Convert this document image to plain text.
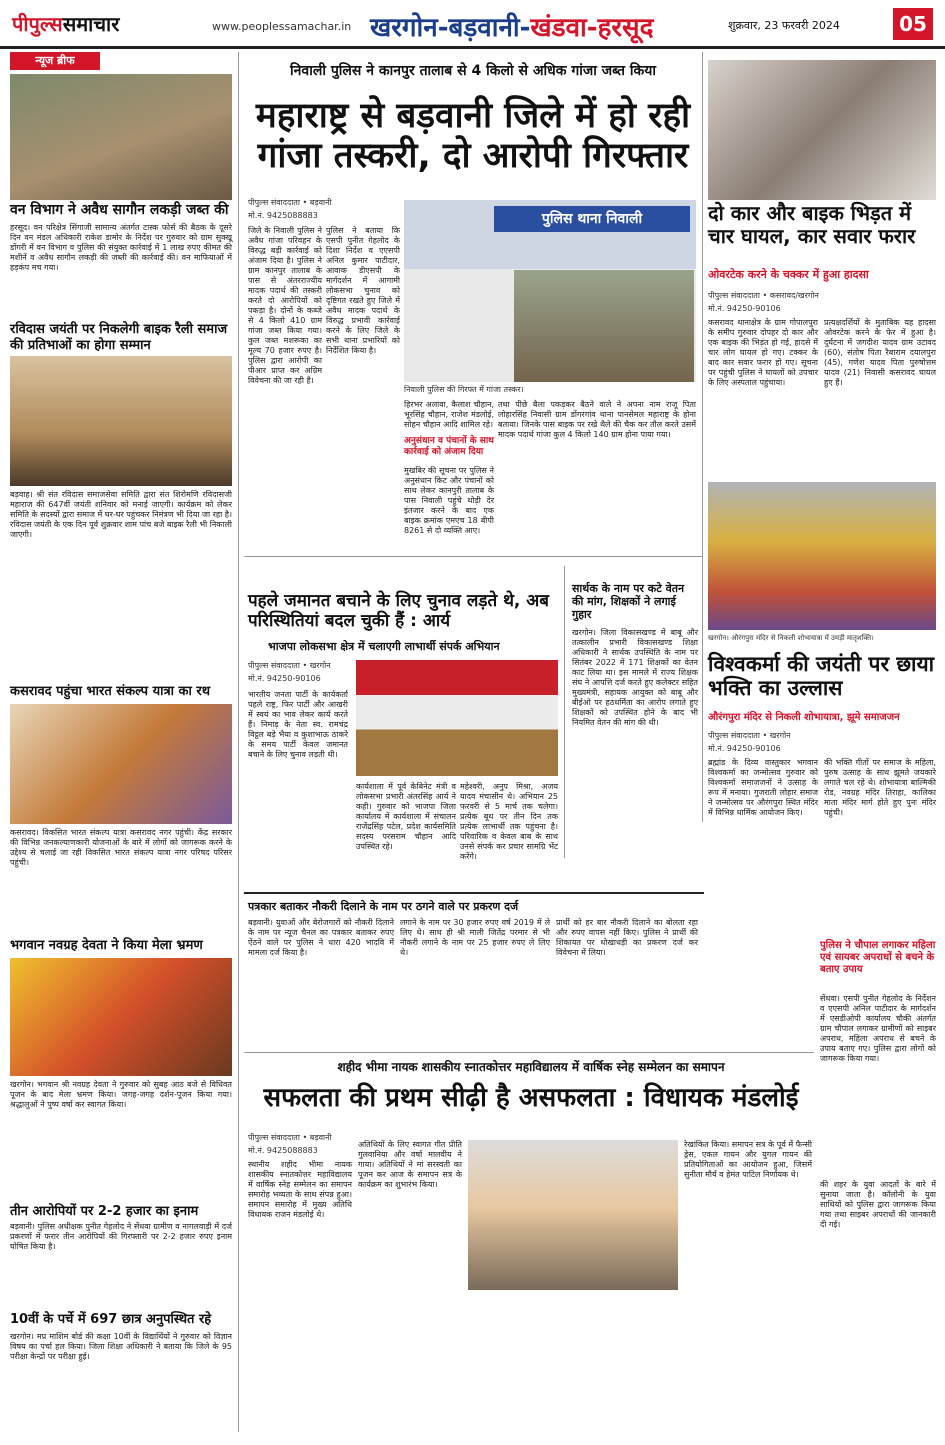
पीपुल्ससमाचार	www.peoplessamachar.in खरगोन-बड़वानी-खंडवा-हरसूद	शुक्रवार, 23 फरवरी 2024	05
न्यूज ब्रीफ
वन विभाग ने अवैध सागौन लकड़ी जब्त की
हरसूद। वन परिक्षेत्र सिंगाजी सामान्य अंतर्गत टास्क फोर्स की बैठक के दूसरे दिन वन मंडल अधिकारी राकेश डामोर के निर्देश पर गुरुवार को ग्राम सुक्खू डोंगरी में वन विभाग व पुलिस की संयुक्त कार्रवाई में 1 लाख रुपए कीमत की मशीनें व अवैध सागौन लकड़ी की जब्ती की कार्रवाई की। वन माफियाओं में हड़कंप मच गया।
रविदास जयंती पर निकलेगी बाइक रैली समाज की प्रतिभाओं का होगा सम्मान
बड़वाह। श्री संत रविदास समाजसेवा समिति द्वारा संत शिरोमणि रविदासजी महाराज की 647वीं जयंती शनिवार को मनाई जाएगी। कार्यक्रम को लेकर समिति के सदस्यों द्वारा समाज में घर-घर पहुंचकर निमंत्रण भी दिया जा रहा है। रविदास जयंती के एक दिन पूर्व शुक्रवार शाम पांच बजे बाइक रैली भी निकाली जाएगी।
कसरावद पहुंचा भारत संकल्प यात्रा का रथ
कसरावद। विकसित भारत संकल्प यात्रा कसरावद नगर पहुंची। केंद्र सरकार की विभिन्न जनकल्याणकारी योजनाओं के बारे में लोगों को जागरूक करने के उद्देश्य से चलाई जा रही विकसित भारत संकल्प यात्रा नगर परिषद परिसर पहुंची।
भगवान नवग्रह देवता ने किया मेला भ्रमण
खरगोन। भगवान श्री नवग्रह देवता ने गुरुवार को सुबह आठ बजे से विधिवत पूजन के बाद मेला भ्रमण किया। जगह-जगह दर्शन-पूजन किया गया। श्रद्धालुओं ने पुष्प वर्षा कर स्वागत किया।
तीन आरोपियों पर 2-2 हजार का इनाम
बड़वानी। पुलिस अधीक्षक पुनीत गेहलोद ने सेंधवा ग्रामीण व नागलवाड़ी में दर्ज प्रकरणों में फरार तीन आरोपियों की गिरफ्तारी पर 2-2 हजार रुपए इनाम घोषित किया है।
10वीं के पर्चे में 697 छात्र अनुपस्थित रहे
खरगोन। मप्र माशिम बोर्ड की कक्षा 10वीं के विद्यार्थियों ने गुरुवार को विज्ञान विषय का पर्चा हल किया। जिला शिक्षा अधिकारी ने बताया कि जिले के 95 परीक्षा केन्द्रों पर परीक्षा हुई।
निवाली पुलिस ने कानपुर तालाब से 4 किलो से अधिक गांजा जब्त किया
महाराष्ट्र से बड़वानी जिले में हो रही गांजा तस्करी, दो आरोपी गिरफ्तार
पीपुल्स संवाददाता • बड़वानी
मो.नं. 9425088883
जिले के निवाली पुलिस ने अवैध गांजा परिवहन के विरुद्ध बड़ी कार्रवाई को अंजाम दिया है। पुलिस ने ग्राम कानपुर तालाब के पास से अंतरराज्यीय मादक पदार्थ की तस्करी करते दो आरोपियों को पकड़ा है। दोनों के कब्जे से 4 किलो 410 ग्राम गांजा जब्त किया गया। कुल जब्त मशरूका का मूल्य 70 हजार रुपए है। पुलिस द्वारा आरोपी का पीआर प्राप्त कर अग्रिम विवेचना की जा रही है।
पुलिस ने बताया कि एसपी पुनीत गेहलोद के दिशा निर्देश व एएसपी अनिल कुमार पाटीदार, आवाक डीएसपी के मार्गदर्शन में आगामी लोकसभा चुनाव को दृष्टिगत रखते हुए जिले में अवैध मादक पदार्थ के विरुद्ध प्रभावी कार्रवाई करने के लिए जिले के सभी थाना प्रभारियों को निर्देशित किया है।
पुलिस थाना निवाली
निवाली पुलिस की गिरफ्त में गांजा तस्कर।
हिरभर अलावा, कैलाश चौहान, भूरसिंह चौहान, राजेश मंडलोई, सोहन चौहान आदि शामिल रहे।
अनुसंधान व पंचानों के साथ कार्रवाई को अंजाम दिया
मुखबिर की सूचना पर पुलिस ने अनुसंधान किट और पंचानों को साथ लेकर कानपुरी तालाब के पास निवाली पहुंचे थोड़ी देर इंतजार करने के बाद एक बाइक क्रमांक एमएच 18 बीपी 8261 से दो व्यक्ति आए।
तथा पीछे बैला पकड़कर बैठने वाले ने अपना नाम राजू पिता लोहारसिंह निवासी ग्राम डोंगरगांव थाना पानसेमल महाराष्ट्र के होना बताया। जिनके पास बाइक पर रखे थैले की चैक कर तौल करते उसमें मादक पदार्थ गांजा कुल 4 किलो 140 ग्राम होना पाया गया।
दो कार और बाइक भिड़त में चार घायल, कार सवार फरार
ओवरटेक करने के चक्कर में हुआ हादसा
पीपुल्स संवाददाता • कसरावद/खरगोन
मो.नं. 94250-90106
कसरावद थानाक्षेत्र के ग्राम गोपालपुरा के समीप गुरुवार दोपहर दो कार और एक बाइक की भिड़ंत हो गई, हादसे में चार लोग घायल हो गए। टक्कर के बाद कार सवार फरार हो गए। सूचना पर पहुंची पुलिस ने घायलों को उपचार के लिए अस्पताल पहुंचाया।
प्रत्यक्षदर्शियों के मुताबिक यह हादसा ओवरटेक करने के फेर में हुआ है। दुर्घटना में जगदीश यादव ग्राम उटावद (60), संतोष पिता रैबाराम दयालपुरा (45), गणेश यादव पिता पुरुषोत्तम यादव (21) निवासी कसरावद घायल हुए हैं।
खरगोन। औरंगपुरा मंदिर से निकली शोभायात्रा में उमड़ी मातृशक्ति।
विश्वकर्मा की जयंती पर छाया भक्ति का उल्लास
औरंगपुरा मंदिर से निकली शोभायात्रा, झूमे समाजजन
पीपुल्स संवाददाता • खरगोन
मो.नं. 94250-90106
ब्रह्मांड के दिव्य वास्तुकार भगवान विश्वकर्मा का जन्मोत्सव गुरुवार को विश्वकर्मा समाजजनों ने उत्साह के रूप में मनाया। गुजराती लोहार समाज ने जन्मोत्सव पर औरंगपुरा स्थित मंदिर में विभिन्न धार्मिक आयोजन किए।
की भक्ति गीतों पर समाज के महिला, पुरुष उत्साह के साथ झूमते जयकारे लगाते चल रहे थे। शोभायात्रा बाल्मिकी रोड, नवग्रह मंदिर तिराहा, कालिका माता मंदिर मार्ग होते हुए पुनः मंदिर पहुंची।
पुलिस ने चौपाल लगाकर महिला एवं सायबर अपराधों से बचने के बताए उपाय
सेंधवा। एसपी पुनीत गेहलोद के निर्देशन व एएसपी अनिल पाटीदार के मार्गदर्शन में एसडीओपी कार्यालय चौकी अंतर्गत ग्राम चौपाल लगाकर ग्रामीणों को साइबर अपराध, महिला अपराध से बचने के उपाय बताए गए। पुलिस द्वारा लोगों को जागरूक किया गया।
पहले जमानत बचाने के लिए चुनाव लड़ते थे, अब परिस्थितियां बदल चुकी हैं : आर्य
भाजपा लोकसभा क्षेत्र में चलाएगी लाभार्थी संपर्क अभियान
पीपुल्स संवाददाता • खरगोन
मो.नं. 94250-90106
भारतीय जनता पार्टी के कार्यकर्ता पहले राष्ट्र, फिर पार्टी और आखरी में स्वयं का भाव लेकर कार्य करते हैं। निमाड़ के नेता स्व. रामचंद्र विट्ठल बड़े भैया व कुशाभाऊ ठाकरे के समय पार्टी केवल जमानत बचाने के लिए चुनाव लड़ती थी।
कार्यशाला में पूर्व केबिनेट मंत्री व लोकसभा प्रभारी अंतरसिंह आर्य ने कही। गुरुवार को भाजपा जिला कार्यालय में कार्यशाला में संचालन राजेंद्रसिंह पटेल, प्रदेश कार्यसमिति सदस्य परसराम चौहान आदि उपस्थित रहे।
महेश्वरी, अनुप मिश्रा, अजय यादव मंचासीन थे। अभियान 25 फरवरी से 5 मार्च तक चलेगा। प्रत्येक बूथ पर तीन दिन तक प्रत्येक लाभार्थी तक पहुंचना है। परिवारिक व केवल बाब के साथ उनसे संपर्क कर प्रचार सामग्रि भेंट करेंगे।
सार्थक के नाम पर कटे वेतन की मांग, शिक्षकों ने लगाई गुहार
खरगोन। जिला विकासखण्ड में बाबू और तत्कालीन प्रभारी विकासखण्ड शिक्षा अधिकारी ने सार्थक उपस्थिति के नाम पर सितंबर 2022 में 171 शिक्षकों का वेतन काट लिया था। इस मामले में राज्य शिक्षक संघ ने आपत्ति दर्ज करते हुए कलेक्टर सहित मुख्यमंत्री, सहायक आयुक्त को बाबू और बीईओ पर हठधर्मिता का आरोप लगाते हुए शिक्षकों को उपस्थित होने के बाद भी नियमित वेतन की मांग की थी।
पत्रकार बताकर नौकरी दिलाने के नाम पर ठगने वाले पर प्रकरण दर्ज
बड़वानी। युवाओं और बेरोजगारों को नौकरी दिलाने के नाम पर न्यूज चैनल का पत्रकार बताकर रुपए ऐंठने वाले पर पुलिस ने धारा 420 भादवि में मामला दर्ज किया है।
लगाने के नाम पर 30 हजार रुपए वर्ष 2019 में ले लिए थे। साथ ही श्री माली जितेंद्र परमार से भी नौकरी लगाने के नाम पर 25 हजार रुपए ले लिए थे।
प्रार्थी को हर बार नौकरी दिलाने का बोलता रहा और रुपए वापस नहीं किए। पुलिस ने प्रार्थी की शिकायत पर धोखाधड़ी का प्रकरण दर्ज कर विवेचना में लिया।
शहीद भीमा नायक शासकीय स्नातकोत्तर महाविद्यालय में वार्षिक स्नेह सम्मेलन का समापन
सफलता की प्रथम सीढ़ी है असफलता : विधायक मंडलोई
पीपुल्स संवाददाता • बड़वानी
मो.नं. 9425088883
स्थानीय शहीद भीमा नायक शासकीय स्नातकोत्तर महाविद्यालय में वार्षिक स्नेह सम्मेलन का समापन समारोह भव्यता के साथ संपन्न हुआ। समापन समारोह में मुख्य अतिथि विधायक राजन मंडलोई थे।
अतिथियों के लिए स्वागत गीत प्रीति गुलवानिया और वर्षा मालवीय ने गाया। अतिथियों ने मां सरस्वती का पूजन कर आज के समापन सत्र के कार्यक्रम का शुभारंभ किया।
रेखांकित किया। समापन सत्र के पूर्व में फैन्सी ड्रेस, एकल गायन और युगल गायन की प्रतियोगिताओं का आयोजन हुआ, जिसमें सुनीता मौर्य व हेमंत पाटिल निर्णायक थे।
की शहर के युवा आदतों के बारे में सुनाया जाता है। कॉलोनी के युवा साथियों को पुलिस द्वारा जागरूक किया गया तथा साइबर अपराधों की जानकारी दी गई।
